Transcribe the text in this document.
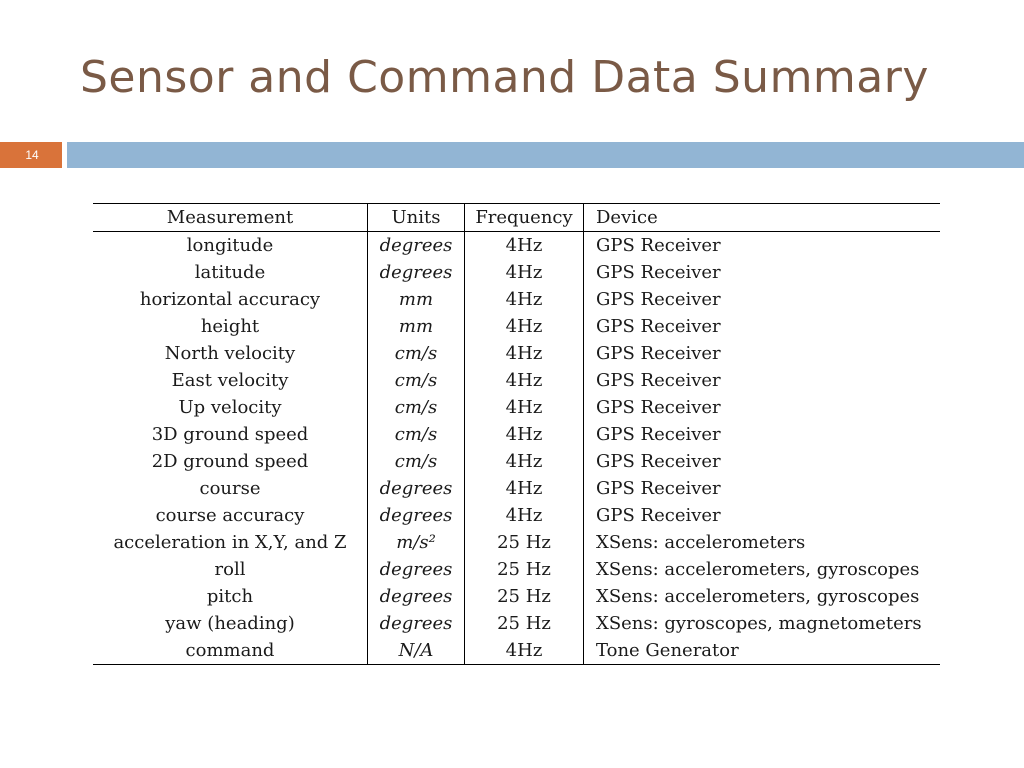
Sensor and Command Data Summary
14
Measurement	Units	Frequency	Device
longitude	degrees	4Hz	GPS Receiver
latitude	degrees	4Hz	GPS Receiver
horizontal accuracy	mm	4Hz	GPS Receiver
height	mm	4Hz	GPS Receiver
North velocity	cm/s	4Hz	GPS Receiver
East velocity	cm/s	4Hz	GPS Receiver
Up velocity	cm/s	4Hz	GPS Receiver
3D ground speed	cm/s	4Hz	GPS Receiver
2D ground speed	cm/s	4Hz	GPS Receiver
course	degrees	4Hz	GPS Receiver
course accuracy	degrees	4Hz	GPS Receiver
acceleration in X,Y, and Z	m/s²	25 Hz	XSens: accelerometers
roll	degrees	25 Hz	XSens: accelerometers, gyroscopes
pitch	degrees	25 Hz	XSens: accelerometers, gyroscopes
yaw (heading)	degrees	25 Hz	XSens: gyroscopes, magnetometers
command	N/A	4Hz	Tone Generator
